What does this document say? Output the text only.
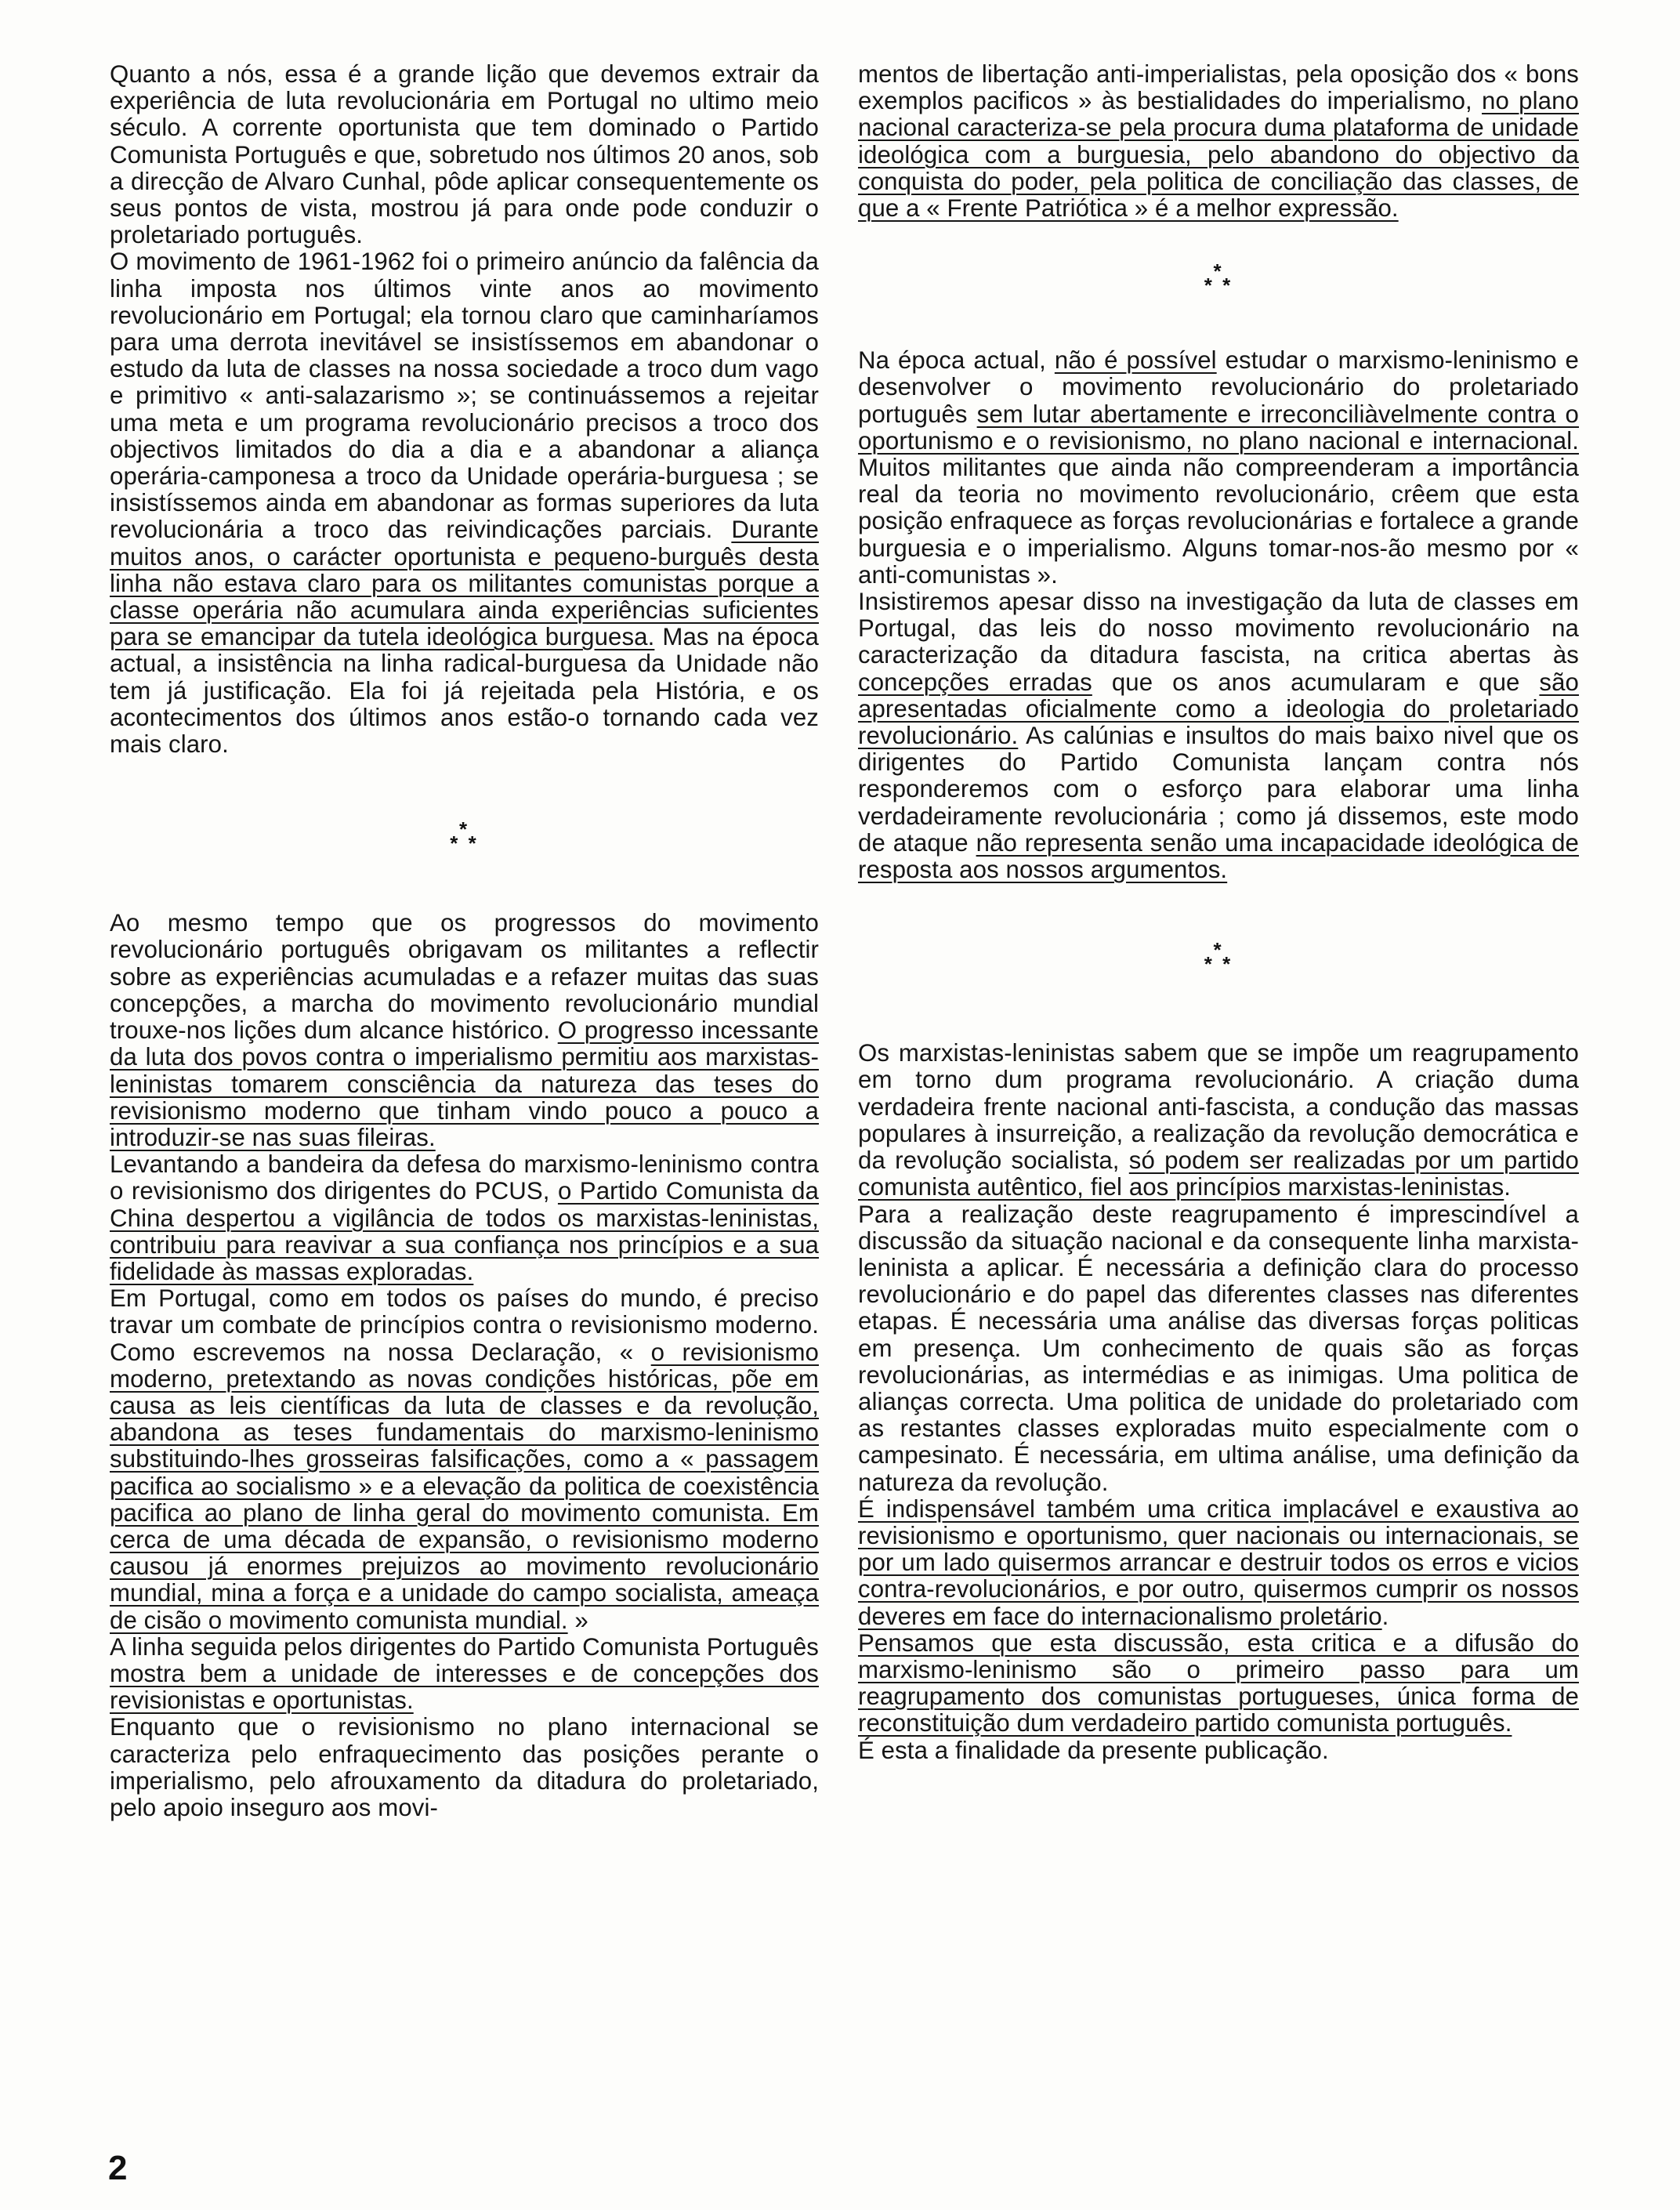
Quanto a nós, essa é a grande lição que devemos extrair da experiência de luta revolucionária em Portugal no ultimo meio século. A corrente oportunista que tem dominado o Partido Comunista Português e que, sobretudo nos últimos 20 anos, sob a direcção de Alvaro Cunhal, pôde aplicar consequentemente os seus pontos de vista, mostrou já para onde pode conduzir o proletariado português.

O movimento de 1961-1962 foi o primeiro anúncio da falência da linha imposta nos últimos vinte anos ao movimento revolucionário em Portugal; ela tornou claro que caminharíamos para uma derrota inevitável se insistíssemos em abandonar o estudo da luta de classes na nossa sociedade a troco dum vago e primitivo « anti-salazarismo »; se continuássemos a rejeitar uma meta e um programa revolucionário precisos a troco dos objectivos limitados do dia a dia e a abandonar a aliança operária-camponesa a troco da Unidade operária-burguesa ; se insistíssemos ainda em abandonar as formas superiores da luta revolucionária a troco das reivindicações parciais. Durante muitos anos, o carácter oportunista e pequeno-burguês desta linha não estava claro para os militantes comunistas porque a classe operária não acumulara ainda experiências suficientes para se emancipar da tutela ideológica burguesa. Mas na época actual, a insistência na linha radical-burguesa da Unidade não tem já justificação. Ela foi já rejeitada pela História, e os acontecimentos dos últimos anos estão-o tornando cada vez mais claro.

*
* *

Ao mesmo tempo que os progressos do movimento revolucionário português obrigavam os militantes a reflectir sobre as experiências acumuladas e a refazer muitas das suas concepções, a marcha do movimento revolucionário mundial trouxe-nos lições dum alcance histórico. O progresso incessante da luta dos povos contra o imperialismo permitiu aos marxistas-leninistas tomarem consciência da natureza das teses do revisionismo moderno que tinham vindo pouco a pouco a introduzir-se nas suas fileiras.

Levantando a bandeira da defesa do marxismo-leninismo contra o revisionismo dos dirigentes do PCUS, o Partido Comunista da China despertou a vigilância de todos os marxistas-leninistas, contribuiu para reavivar a sua confiança nos princípios e a sua fidelidade às massas exploradas.

Em Portugal, como em todos os países do mundo, é preciso travar um combate de princípios contra o revisionismo moderno. Como escrevemos na nossa Declaração, « o revisionismo moderno, pretextando as novas condições históricas, põe em causa as leis científicas da luta de classes e da revolução, abandona as teses fundamentais do marxismo-leninismo substituindo-lhes grosseiras falsificações, como a « passagem pacifica ao socialismo » e a elevação da politica de coexistência pacifica ao plano de linha geral do movimento comunista. Em cerca de uma década de expansão, o revisionismo moderno causou já enormes prejuizos ao movimento revolucionário mundial, mina a força e a unidade do campo socialista, ameaça de cisão o movimento comunista mundial. »

A linha seguida pelos dirigentes do Partido Comunista Português mostra bem a unidade de interesses e de concepções dos revisionistas e oportunistas.

Enquanto que o revisionismo no plano internacional se caracteriza pelo enfraquecimento das posições perante o imperialismo, pelo afrouxamento da ditadura do proletariado, pelo apoio inseguro aos movi-

mentos de libertação anti-imperialistas, pela oposição dos « bons exemplos pacificos » às bestialidades do imperialismo, no plano nacional caracteriza-se pela procura duma plataforma de unidade ideológica com a burguesia, pelo abandono do objectivo da conquista do poder, pela politica de conciliação das classes, de que a « Frente Patriótica » é a melhor expressão.

*
* *

Na época actual, não é possível estudar o marxismo-leninismo e desenvolver o movimento revolucionário do proletariado português sem lutar abertamente e irreconciliàvelmente contra o oportunismo e o revisionismo, no plano nacional e internacional. Muitos militantes que ainda não compreenderam a importância real da teoria no movimento revolucionário, crêem que esta posição enfraquece as forças revolucionárias e fortalece a grande burguesia e o imperialismo. Alguns tomar-nos-ão mesmo por « anti-comunistas ».

Insistiremos apesar disso na investigação da luta de classes em Portugal, das leis do nosso movimento revolucionário na caracterização da ditadura fascista, na critica abertas às concepções erradas que os anos acumularam e que são apresentadas oficialmente como a ideologia do proletariado revolucionário. As calúnias e insultos do mais baixo nivel que os dirigentes do Partido Comunista lançam contra nós responderemos com o esforço para elaborar uma linha verdadeiramente revolucionária ; como já dissemos, este modo de ataque não representa senão uma incapacidade ideológica de resposta aos nossos argumentos.

*
* *

Os marxistas-leninistas sabem que se impõe um reagrupamento em torno dum programa revolucionário. A criação duma verdadeira frente nacional anti-fascista, a condução das massas populares à insurreição, a realização da revolução democrática e da revolução socialista, só podem ser realizadas por um partido comunista autêntico, fiel aos princípios marxistas-leninistas.

Para a realização deste reagrupamento é imprescindível a discussão da situação nacional e da consequente linha marxista-leninista a aplicar. É necessária a definição clara do processo revolucionário e do papel das diferentes classes nas diferentes etapas. É necessária uma análise das diversas forças politicas em presença. Um conhecimento de quais são as forças revolucionárias, as intermédias e as inimigas. Uma politica de alianças correcta. Uma politica de unidade do proletariado com as restantes classes exploradas muito especialmente com o campesinato. É necessária, em ultima análise, uma definição da natureza da revolução.

É indispensável também uma critica implacável e exaustiva ao revisionismo e oportunismo, quer nacionais ou internacionais, se por um lado quisermos arrancar e destruir todos os erros e vicios contra-revolucionários, e por outro, quisermos cumprir os nossos deveres em face do internacionalismo proletário.

Pensamos que esta discussão, esta critica e a difusão do marxismo-leninismo são o primeiro passo para um reagrupamento dos comunistas portugueses, única forma de reconstituição dum verdadeiro partido comunista português.

É esta a finalidade da presente publicação.

2
